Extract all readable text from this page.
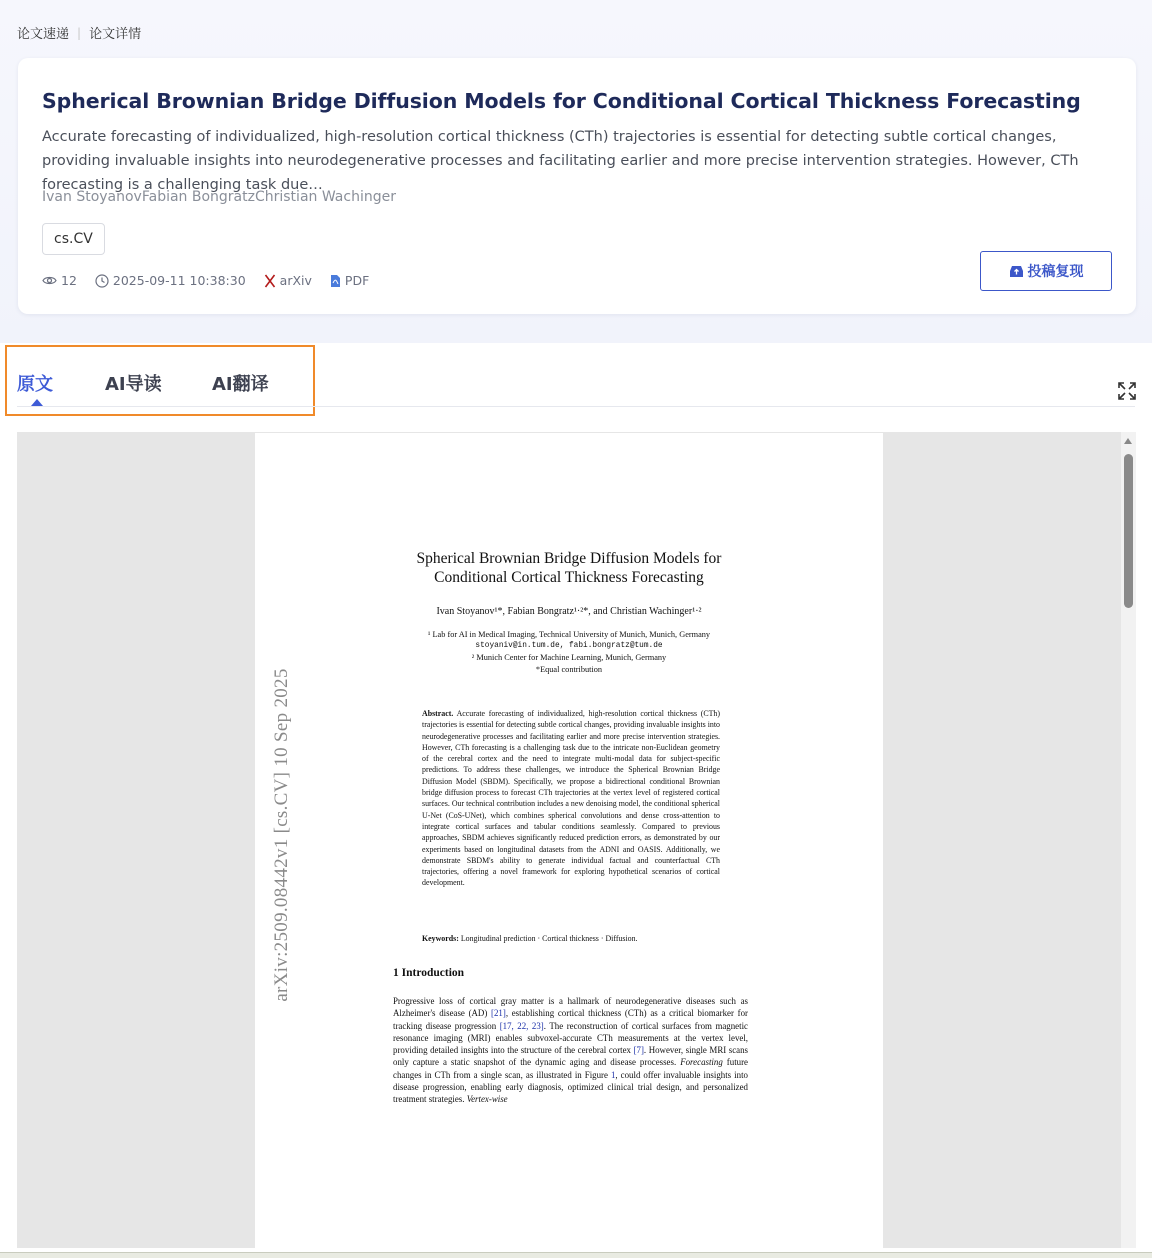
论文速递 | 论文详情
Spherical Brownian Bridge Diffusion Models for Conditional Cortical Thickness Forecasting
Accurate forecasting of individualized, high-resolution cortical thickness (CTh) trajectories is essential for detecting subtle cortical changes, providing invaluable insights into neurodegenerative processes and facilitating earlier and more precise intervention strategies. However, CTh forecasting is a challenging task due…
Ivan StoyanovFabian BongratzChristian Wachinger
cs.CV
12	2025-09-11 10:38:30	arXiv	PDF
投稿复现
原文	AI导读	AI翻译
arXiv:2509.08442v1 [cs.CV] 10 Sep 2025
Spherical Brownian Bridge Diffusion Models for
Conditional Cortical Thickness Forecasting
Ivan Stoyanov¹*, Fabian Bongratz¹·²*, and Christian Wachinger¹·²
¹ Lab for AI in Medical Imaging, Technical University of Munich, Munich, Germany
stoyaniv@in.tum.de, fabi.bongratz@tum.de
² Munich Center for Machine Learning, Munich, Germany
*Equal contribution
Abstract. Accurate forecasting of individualized, high-resolution cortical thickness (CTh) trajectories is essential for detecting subtle cortical changes, providing invaluable insights into neurodegenerative processes and facilitating earlier and more precise intervention strategies. However, CTh forecasting is a challenging task due to the intricate non-Euclidean geometry of the cerebral cortex and the need to integrate multi-modal data for subject-specific predictions. To address these challenges, we introduce the Spherical Brownian Bridge Diffusion Model (SBDM). Specifically, we propose a bidirectional conditional Brownian bridge diffusion process to forecast CTh trajectories at the vertex level of registered cortical surfaces. Our technical contribution includes a new denoising model, the conditional spherical U-Net (CoS-UNet), which combines spherical convolutions and dense cross-attention to integrate cortical surfaces and tabular conditions seamlessly. Compared to previous approaches, SBDM achieves significantly reduced prediction errors, as demonstrated by our experiments based on longitudinal datasets from the ADNI and OASIS. Additionally, we demonstrate SBDM's ability to generate individual factual and counterfactual CTh trajectories, offering a novel framework for exploring hypothetical scenarios of cortical development.
Keywords: Longitudinal prediction · Cortical thickness · Diffusion.
1 Introduction
Progressive loss of cortical gray matter is a hallmark of neurodegenerative diseases such as Alzheimer's disease (AD) [21], establishing cortical thickness (CTh) as a critical biomarker for tracking disease progression [17, 22, 23]. The reconstruction of cortical surfaces from magnetic resonance imaging (MRI) enables subvoxel-accurate CTh measurements at the vertex level, providing detailed insights into the structure of the cerebral cortex [7]. However, single MRI scans only capture a static snapshot of the dynamic aging and disease processes. Forecasting future changes in CTh from a single scan, as illustrated in Figure 1, could offer invaluable insights into disease progression, enabling early diagnosis, optimized clinical trial design, and personalized treatment strategies. Vertex-wise
